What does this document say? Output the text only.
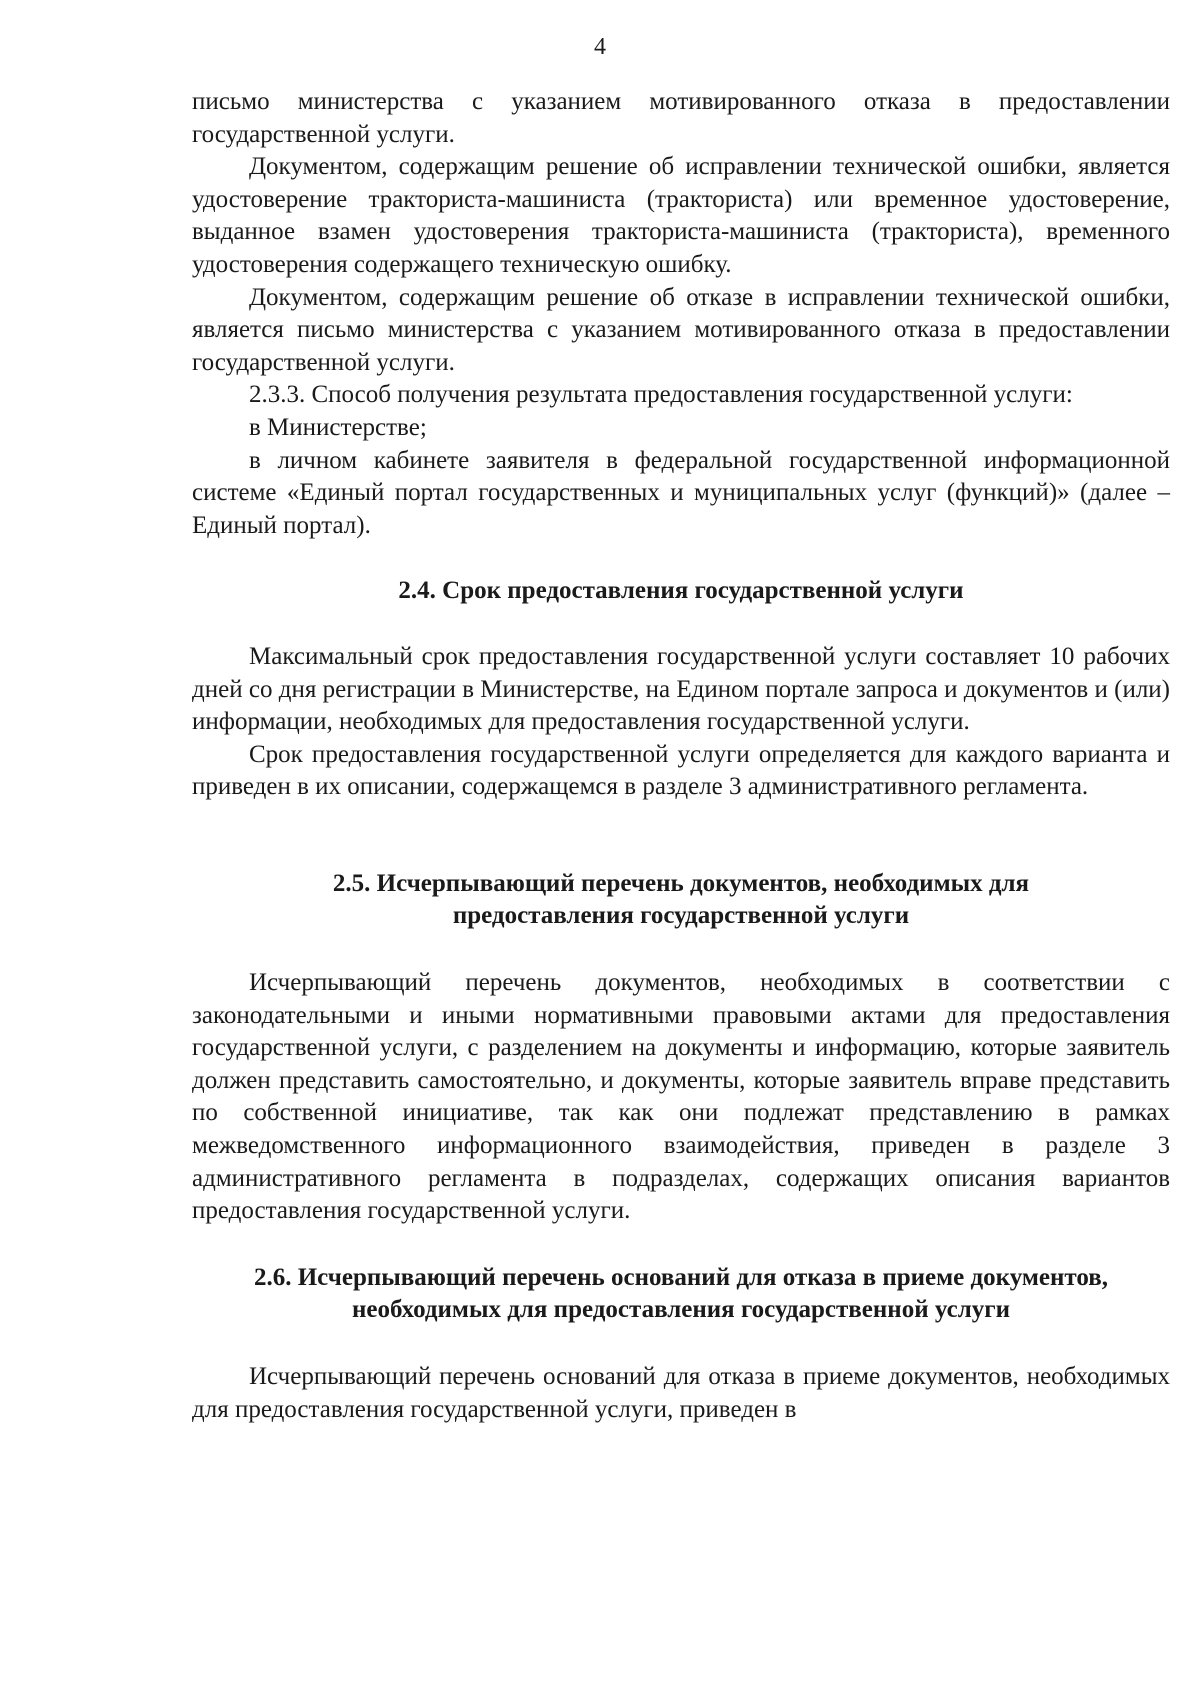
4

письмо министерства с указанием мотивированного отказа в предоставлении государственной услуги.

Документом, содержащим решение об исправлении технической ошибки, является удостоверение тракториста-машиниста (тракториста) или временное удостоверение, выданное взамен удостоверения тракториста-машиниста (тракториста), временного удостоверения содержащего техническую ошибку.

Документом, содержащим решение об отказе в исправлении технической ошибки, является письмо министерства с указанием мотивированного отказа в предоставлении государственной услуги.

2.3.3. Способ получения результата предоставления государственной услуги:

в Министерстве;

в личном кабинете заявителя в федеральной государственной информационной системе «Единый портал государственных и муниципальных услуг (функций)» (далее – Единый портал).

2.4. Срок предоставления государственной услуги

Максимальный срок предоставления государственной услуги составляет 10 рабочих дней со дня регистрации в Министерстве, на Едином портале запроса и документов и (или) информации, необходимых для предоставления государственной услуги.

Срок предоставления государственной услуги определяется для каждого варианта и приведен в их описании, содержащемся в разделе 3 административного регламента.

2.5. Исчерпывающий перечень документов, необходимых для
предоставления государственной услуги

Исчерпывающий перечень документов, необходимых в соответствии с законодательными и иными нормативными правовыми актами для предоставления государственной услуги, с разделением на документы и информацию, которые заявитель должен представить самостоятельно, и документы, которые заявитель вправе представить по собственной инициативе, так как они подлежат представлению в рамках межведомственного информационного взаимодействия, приведен в разделе 3 административного регламента в подразделах, содержащих описания вариантов предоставления государственной услуги.

2.6. Исчерпывающий перечень оснований для отказа в приеме документов,
необходимых для предоставления государственной услуги

Исчерпывающий перечень оснований для отказа в приеме документов, необходимых для предоставления государственной услуги, приведен в
